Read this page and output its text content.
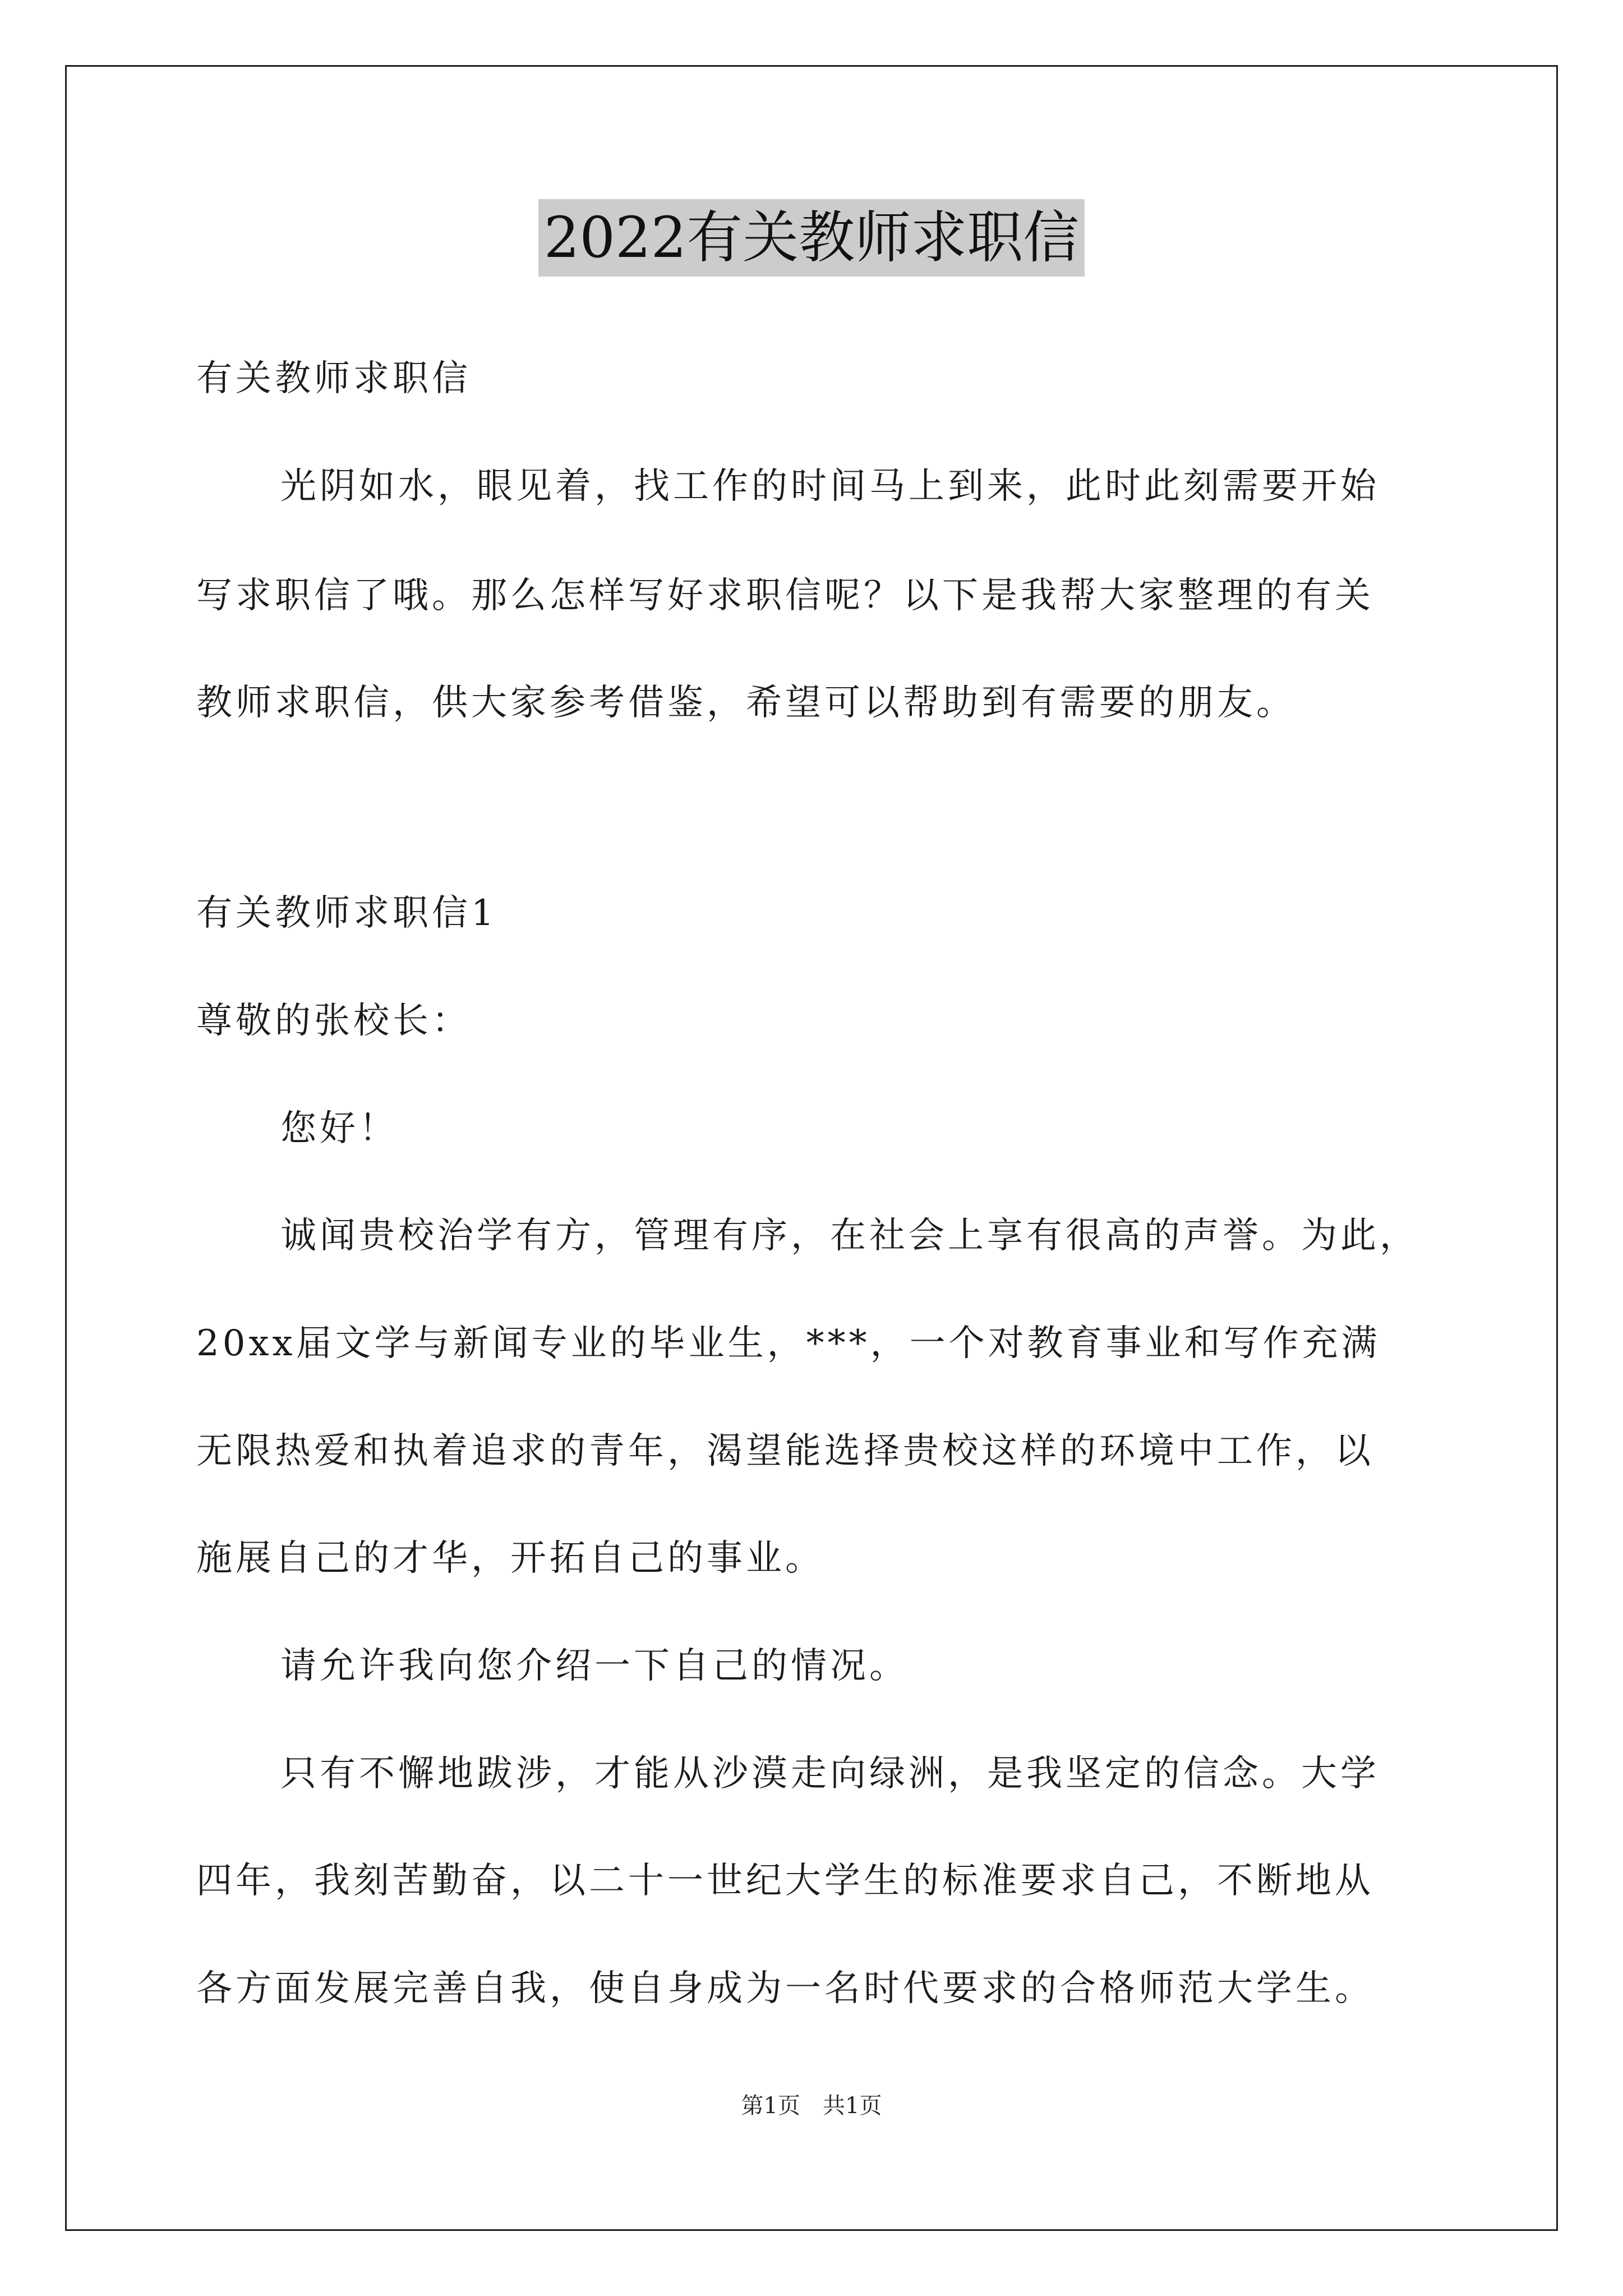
2022有关教师求职信
有关教师求职信
光阴如水，眼见着，找工作的时间马上到来，此时此刻需要开始
写求职信了哦。那么怎样写好求职信呢？以下是我帮大家整理的有关
教师求职信，供大家参考借鉴，希望可以帮助到有需要的朋友。
有关教师求职信1
尊敬的张校长：
您好！
诚闻贵校治学有方，管理有序，在社会上享有很高的声誉。为此，
20xx届文学与新闻专业的毕业生，***，一个对教育事业和写作充满
无限热爱和执着追求的青年，渴望能选择贵校这样的环境中工作，以
施展自己的才华，开拓自己的事业。
请允许我向您介绍一下自己的情况。
只有不懈地跋涉，才能从沙漠走向绿洲，是我坚定的信念。大学
四年，我刻苦勤奋，以二十一世纪大学生的标准要求自己，不断地从
各方面发展完善自我，使自身成为一名时代要求的合格师范大学生。
第1页 共1页
